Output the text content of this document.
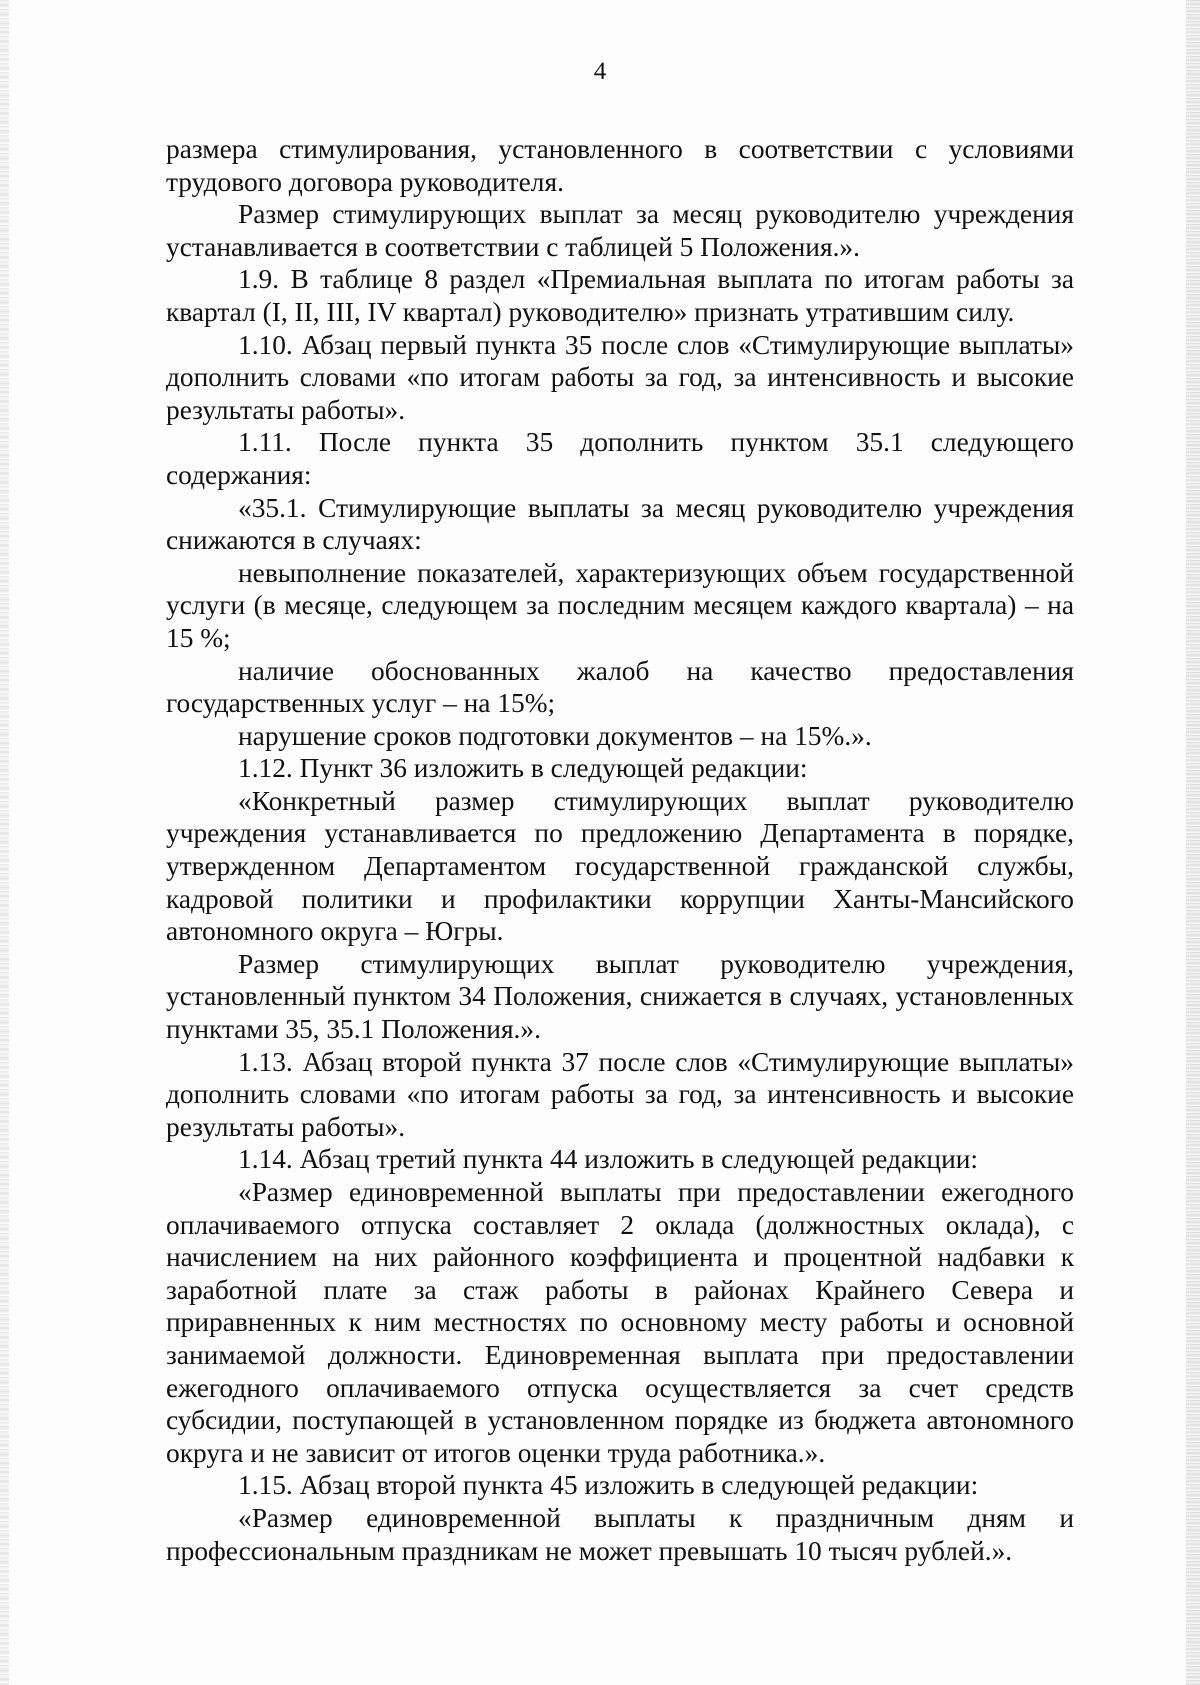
4

размера стимулирования, установленного в соответствии с условиями трудового договора руководителя.

Размер стимулирующих выплат за месяц руководителю учреждения устанавливается в соответствии с таблицей 5 Положения.».

1.9. В таблице 8 раздел «Премиальная выплата по итогам работы за квартал (I, II, III, IV квартал) руководителю» признать утратившим силу.

1.10. Абзац первый пункта 35 после слов «Стимулирующие выплаты» дополнить словами «по итогам работы за год, за интенсивность и высокие результаты работы».

1.11. После пункта 35 дополнить пунктом 35.1 следующего содержания:

«35.1. Стимулирующие выплаты за месяц руководителю учреждения снижаются в случаях:

невыполнение показателей, характеризующих объем государственной услуги (в месяце, следующем за последним месяцем каждого квартала) – на 15 %;

наличие обоснованных жалоб на качество предоставления государственных услуг – на 15%;

нарушение сроков подготовки документов – на 15%.».

1.12. Пункт 36 изложить в следующей редакции:

«Конкретный размер стимулирующих выплат руководителю учреждения устанавливается по предложению Департамента в порядке, утвержденном Департаментом государственной гражданской службы, кадровой политики и профилактики коррупции Ханты-Мансийского автономного округа – Югры.

Размер стимулирующих выплат руководителю учреждения, установленный пунктом 34 Положения, снижается в случаях, установленных пунктами 35, 35.1 Положения.».

1.13. Абзац второй пункта 37 после слов «Стимулирующие выплаты» дополнить словами «по итогам работы за год, за интенсивность и высокие результаты работы».

1.14. Абзац третий пункта 44 изложить в следующей редакции:

«Размер единовременной выплаты при предоставлении ежегодного оплачиваемого отпуска составляет 2 оклада (должностных оклада), с начислением на них районного коэффициента и процентной надбавки к заработной плате за стаж работы в районах Крайнего Севера и приравненных к ним местностях по основному месту работы и основной занимаемой должности. Единовременная выплата при предоставлении ежегодного оплачиваемого отпуска осуществляется за счет средств субсидии, поступающей в установленном порядке из бюджета автономного округа и не зависит от итогов оценки труда работника.».

1.15. Абзац второй пункта 45 изложить в следующей редакции:

«Размер единовременной выплаты к праздничным дням и профессиональным праздникам не может превышать 10 тысяч рублей.».
